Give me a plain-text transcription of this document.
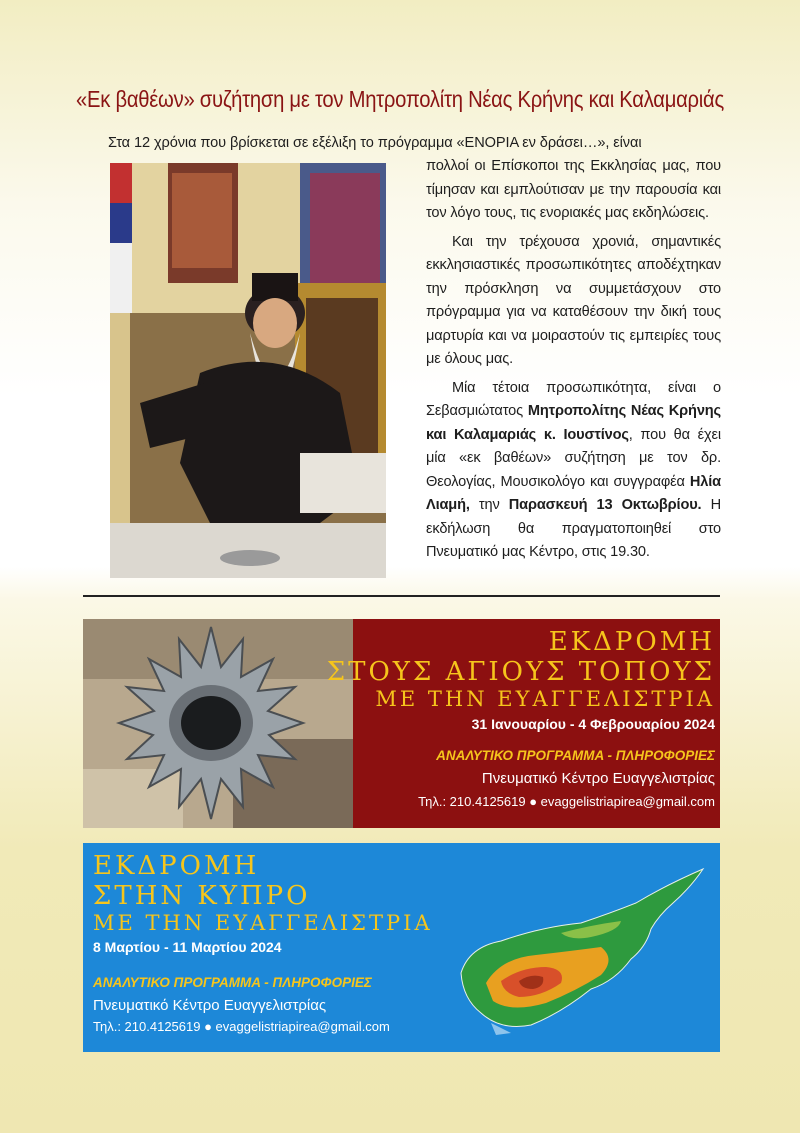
«Εκ βαθέων» συζήτηση με τον Μητροπολίτη Νέας Κρήνης και Καλαμαριάς
Στα 12 χρόνια που βρίσκεται σε εξέλιξη το πρόγραμμα «ΕΝΟΡΙΑ εν δράσει…», είναι

πολλοί οι Επίσκοποι της Εκκλησίας μας, που τίμησαν και εμπλούτισαν με την παρουσία και τον λόγο τους, τις ενοριακές μας εκδηλώσεις.

Και την τρέχουσα χρονιά, σημαντικές εκκλησιαστικές προσωπικότητες αποδέχτηκαν την πρόσκληση να συμμετάσχουν στο πρόγραμμα για να καταθέσουν την δική τους μαρτυρία και να μοιραστούν τις εμπειρίες τους με όλους μας.

Μία τέτοια προσωπικότητα, είναι ο Σεβασμιώτατος Μητροπολίτης Νέας Κρήνης και Καλαμαριάς κ. Ιουστίνος, που θα έχει μία «εκ βαθέων» συζήτηση με τον δρ. Θεολογίας, Μουσικολόγο και συγγραφέα Ηλία Λιαμή, την Παρασκευή 13 Οκτωβρίου. Η εκδήλωση θα πραγματοποιηθεί στο Πνευματικό μας Κέντρο, στις 19.30.

ΕΚΔΡΟΜΗ
ΣΤΟΥΣ ΑΓΙΟΥΣ ΤΟΠΟΥΣ
ΜΕ ΤΗΝ ΕΥΑΓΓΕΛΙΣΤΡΙΑ
31 Ιανουαρίου - 4 Φεβρουαρίου 2024
ΑΝΑΛΥΤΙΚΟ ΠΡΟΓΡΑΜΜΑ - ΠΛΗΡΟΦΟΡΙΕΣ
Πνευματικό Κέντρο Ευαγγελιστρίας
Τηλ.: 210.4125619 ● evaggelistriapirea@gmail.com
ΕΚΔΡΟΜΗ
ΣΤΗΝ ΚΥΠΡΟ
ΜΕ ΤΗΝ ΕΥΑΓΓΕΛΙΣΤΡΙΑ
8 Μαρτίου - 11 Μαρτίου 2024
ΑΝΑΛΥΤΙΚΟ ΠΡΟΓΡΑΜΜΑ - ΠΛΗΡΟΦΟΡΙΕΣ
Πνευματικό Κέντρο Ευαγγελιστρίας
Τηλ.: 210.4125619 ● evaggelistriapirea@gmail.com
